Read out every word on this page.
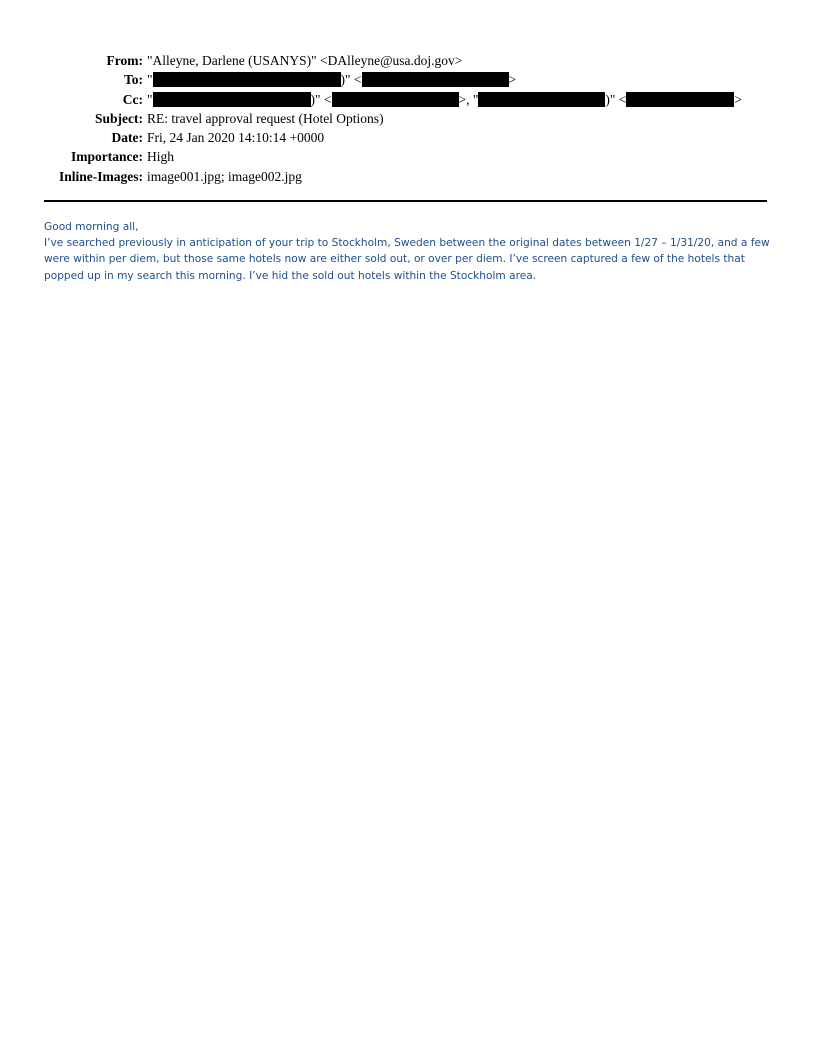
From: "Alleyne, Darlene (USANYS)" <DAlleyne@usa.doj.gov>
To: "	)" <	>
Cc: "	)" <	>, "	)" <	>
Subject: RE: travel approval request (Hotel Options)
Date: Fri, 24 Jan 2020 14:10:14 +0000
Importance: High
Inline-Images: image001.jpg; image002.jpg

Good morning all,

I’ve searched previously in anticipation of your trip to Stockholm, Sweden between the original dates between 1/27 – 1/31/20, and a few were within per diem, but those same hotels now are either sold out, or over per diem. I’ve screen captured a few of the hotels that popped up in my search this morning. I’ve hid the sold out hotels within the Stockholm area.
